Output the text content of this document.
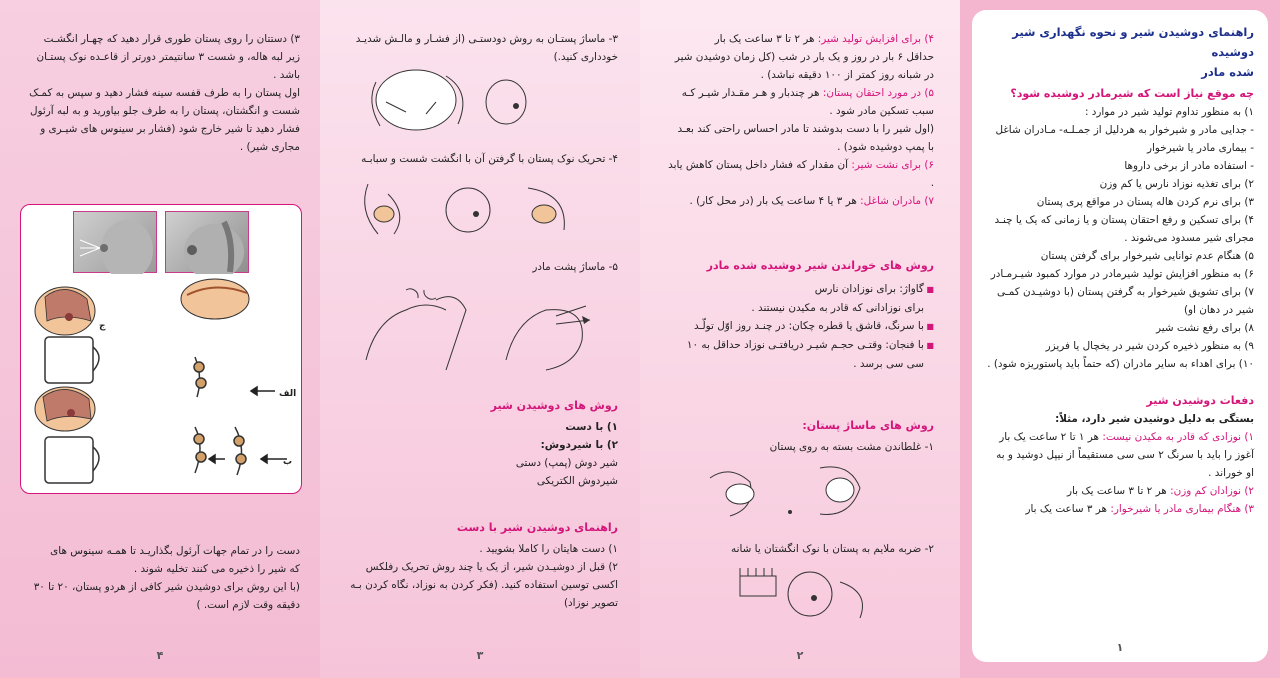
۳) دستتان را روی پستان طوری قرار دهید که چهـار انگشـت
زیر لبه هاله، و شست ۳ سانتیمتر دورتر از قاعـده نوک پستـان
باشد .
اول پستان را به طرف قفسه سینه فشار دهید و سپس به کمـک
شست و انگشتان، پستان را به طرف جلو بیاورید و به لبه آرئول
فشار دهید تا شیر خارج شود (فشار بر سینوس های شیـری و
مجاری شیر) .
الف
ب
ج
دست را در تمام جهات آرئول بگذاریـد تا همـه سینوس های
که شیر را ذخیره می کنند تخلیه شوند .
(با این روش برای دوشیدن شیر کافی از هردو پستان، ۲۰ تا ۳۰
دقیقه وقت لازم است. )
۴
۳- ماساژ پستـان به روش دودستـی (از فشـار و مالـش شدیـد
خودداری کنید.)
۴- تحریک نوک پستان با گرفتن آن با انگشت شست و سبابـه
۵- ماساژ پشت مادر
روش های دوشیدن شیر
۱) با دست
۲) با شیردوش:
شیر دوش (پمپ) دستی
شیردوش الکتریکی
راهنمای دوشیدن شیر با دست
۱) دست هایتان را کاملا بشویید .
۲) قبل از دوشیـدن شیر، از یک یا چند روش تحریک رفلکس
اکسی توسین استفاده کنید. (فکر کردن به نوزاد، نگاه کردن بـه
تصویر نوزاد)
۳
۴) برای افزایش تولید شیر: هر ۲ تا ۳ ساعت یک بار
حداقل ۶ بار در روز و یک بار در شب (کل زمان دوشیدن شیر
در شبانه روز کمتر از ۱۰۰ دقیقه نباشد) .
۵) در مورد احتقان پستان: هر چندبار و هـر مقـدار شیـر کـه
سبب تسکین مادر شود .
(اول شیر را با دست بدوشند تا مادر احساس راحتی کند بعـد
با پمپ دوشیده شود) .
۶) برای نشت شیر: آن مقدار که فشار داخل پستان کاهش یابد .
۷) مادران شاغل: هر ۳ یا ۴ ساعت یک بار (در محل کار) .
روش های خوراندن شیر دوشیده شده مادر
■ گاواژ: برای نوزادان نارس
برای نوزادانی که قادر به مکیدن نیستند .
■ با سرنگ، قاشق یا قطره چکان: در چنـد روز اوّل تولّـد
■ با فنجان: وقتـی حجـم شیـر دریافتـی نوزاد حداقل به ۱۰
سی سی برسد .
روش های ماساژ پستان:
۱- غلطاندن مشت بسته به روی پستان
۲- ضربه ملایم به پستان با نوک انگشتان یا شانه
۲
راهنمای دوشیدن شیر و نحوه نگهداری شیر دوشیده
شده مادر
چه موقع نیاز است که شیرمادر دوشیده شود؟
۱) به منظور تداوم تولید شیر در موارد :
- جدایی مادر و شیرخوار به هردلیل از جمـلـه- مـادران شاغل
- بیماری مادر یا شیرخوار
- استفاده مادر از برخی داروها
۲) برای تغذیه نوزاد نارس یا کم وزن
۳) برای نرم کردن هاله پستان در مواقع پری پستان
۴) برای تسکین و رفع احتقان پستان و یا زمانی که یک یا چنـد
مجرای شیر مسدود می‌شوند .
۵) هنگام عدم توانایی شیرخوار برای گرفتن پستان
۶) به منظور افزایش تولید شیرمادر در موارد کمبود شیـرمـادر
۷) برای تشویق شیرخوار به گرفتن پستان (با دوشیـدن کمـی
شیر در دهان او)
۸) برای رفع نشت شیر
۹) به منظور ذخیره کردن شیر در یخچال یا فریزر
۱۰) برای اهداء به سایر مادران (که حتماً باید پاستوریزه شود) .
دفعات دوشیدن شیر
بستگی به دلیل دوشیدن شیر دارد، مثلاً:
۱) نوزادی که قادر به مکیدن نیست: هر ۱ تا ۲ ساعت یک بار
آغوز را باید با سرنگ ۲ سی سی مستقیماً از نیپل دوشید و به
او خوراند .
۲) نوزادان کم وزن: هر ۲ تا ۳ ساعت یک بار
۳) هنگام بیماری مادر یا شیرخوار: هر ۳ ساعت یک بار
۱
